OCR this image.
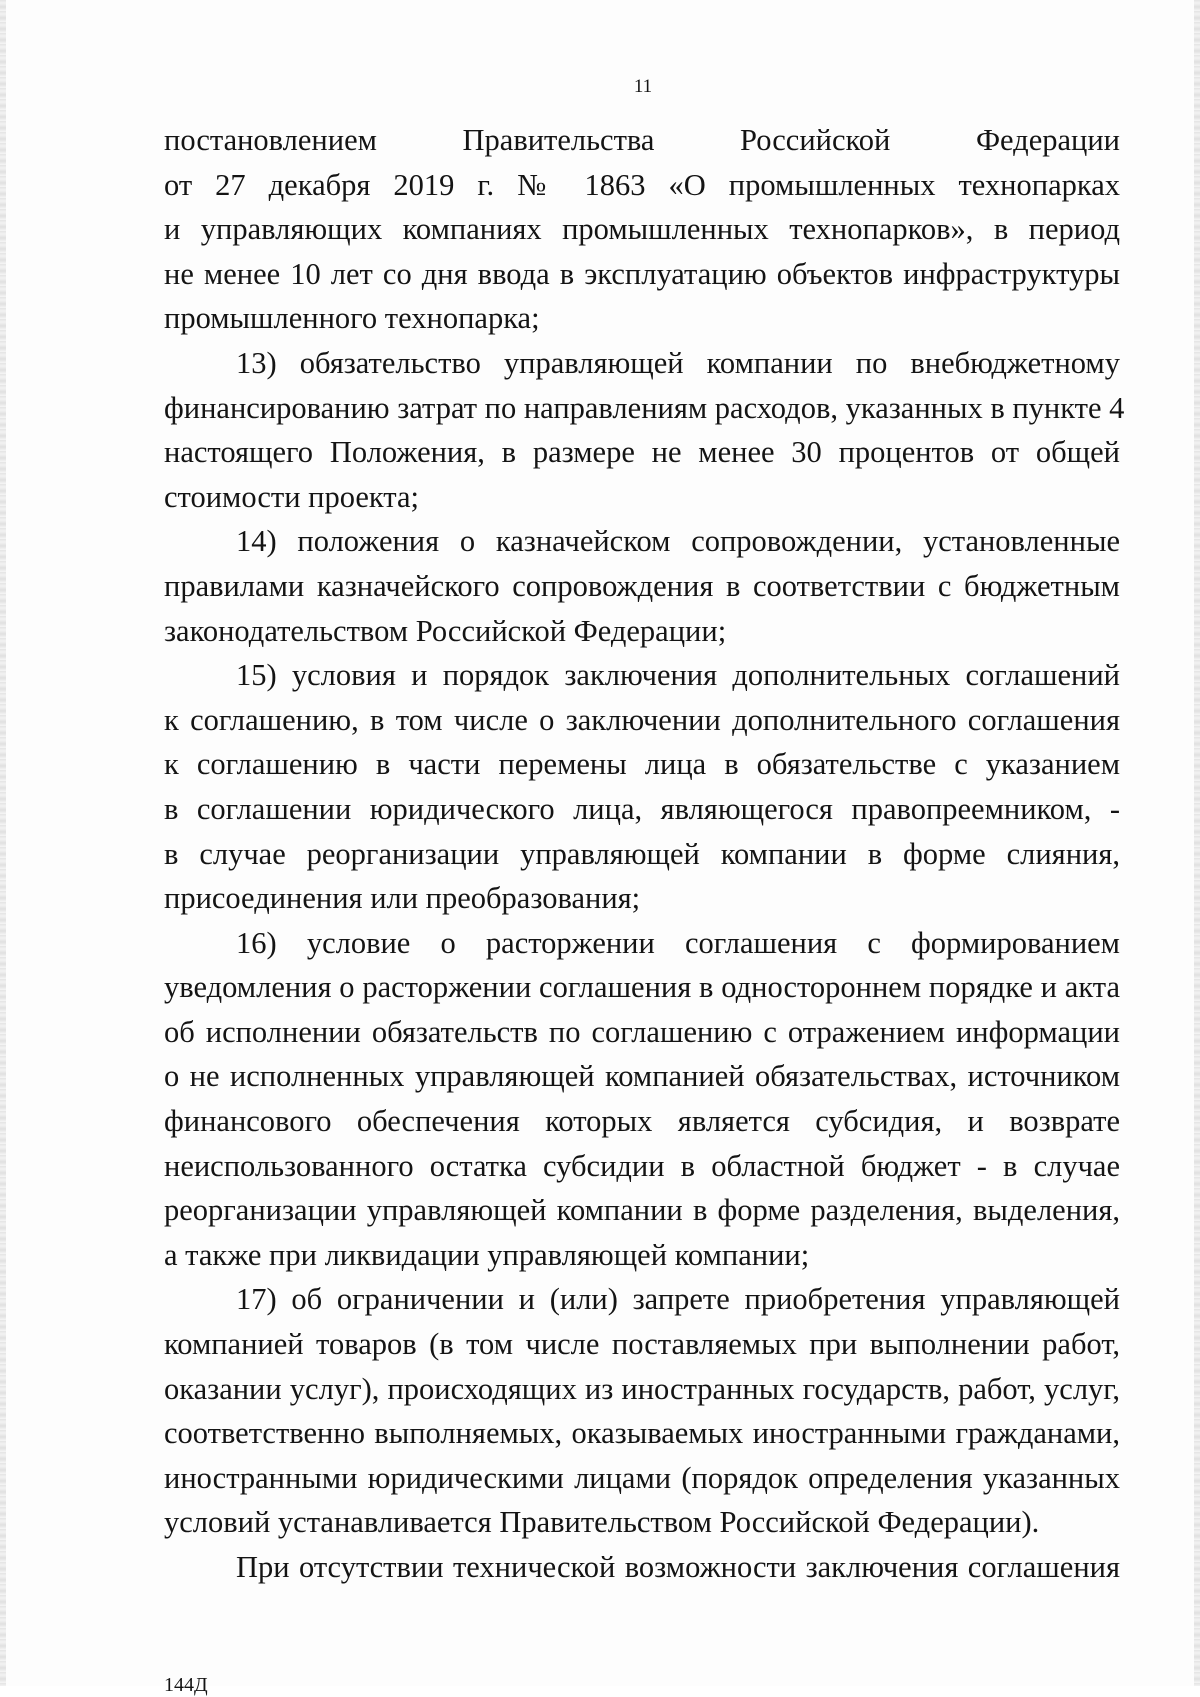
11
постановлением Правительства Российской Федерации
от 27 декабря 2019 г. № 1863 «О промышленных технопарках
и управляющих компаниях промышленных технопарков», в период
не менее 10 лет со дня ввода в эксплуатацию объектов инфраструктуры
промышленного технопарка;
13) обязательство управляющей компании по внебюджетному
финансированию затрат по направлениям расходов, указанных в пункте 4
настоящего Положения, в размере не менее 30 процентов от общей
стоимости проекта;
14) положения о казначейском сопровождении, установленные
правилами казначейского сопровождения в соответствии с бюджетным
законодательством Российской Федерации;
15) условия и порядок заключения дополнительных соглашений
к соглашению, в том числе о заключении дополнительного соглашения
к соглашению в части перемены лица в обязательстве с указанием
в соглашении юридического лица, являющегося правопреемником, -
в случае реорганизации управляющей компании в форме слияния,
присоединения или преобразования;
16) условие о расторжении соглашения с формированием
уведомления о расторжении соглашения в одностороннем порядке и акта
об исполнении обязательств по соглашению с отражением информации
о не исполненных управляющей компанией обязательствах, источником
финансового обеспечения которых является субсидия, и возврате
неиспользованного остатка субсидии в областной бюджет - в случае
реорганизации управляющей компании в форме разделения, выделения,
а также при ликвидации управляющей компании;
17) об ограничении и (или) запрете приобретения управляющей
компанией товаров (в том числе поставляемых при выполнении работ,
оказании услуг), происходящих из иностранных государств, работ, услуг,
соответственно выполняемых, оказываемых иностранными гражданами,
иностранными юридическими лицами (порядок определения указанных
условий устанавливается Правительством Российской Федерации).
При отсутствии технической возможности заключения соглашения
144Д
